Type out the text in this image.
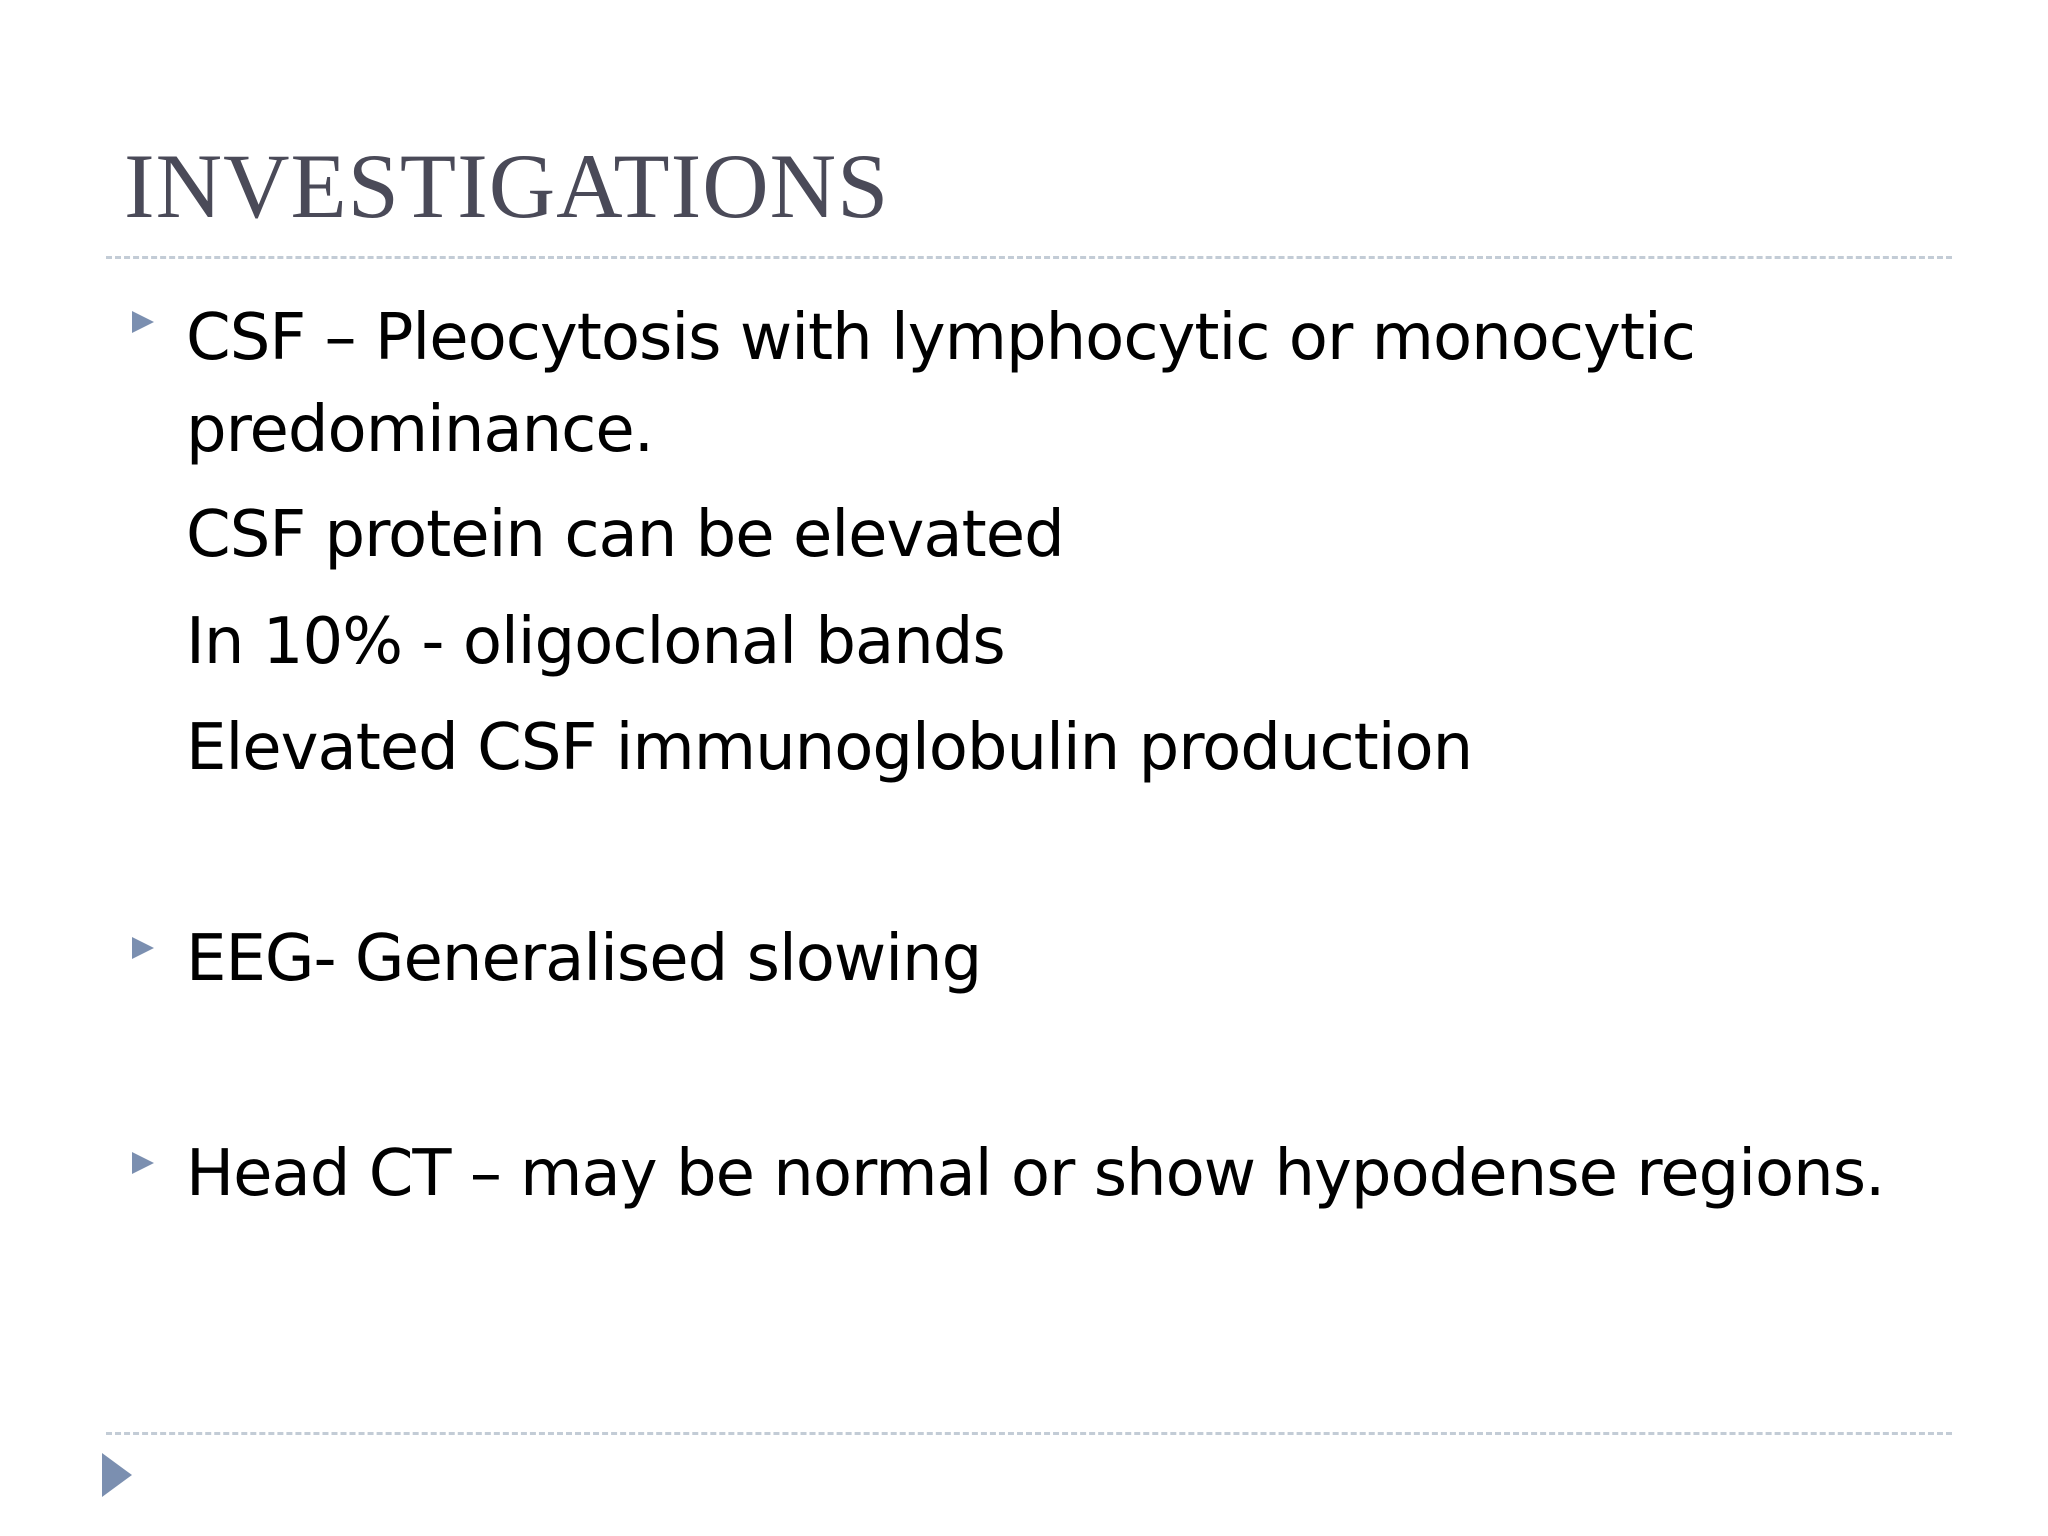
INVESTIGATIONS
CSF – Pleocytosis with lymphocytic or monocytic
predominance.
CSF protein can be elevated
In 10% - oligoclonal bands
Elevated CSF immunoglobulin production
EEG- Generalised slowing
Head CT – may be normal or show hypodense regions.
